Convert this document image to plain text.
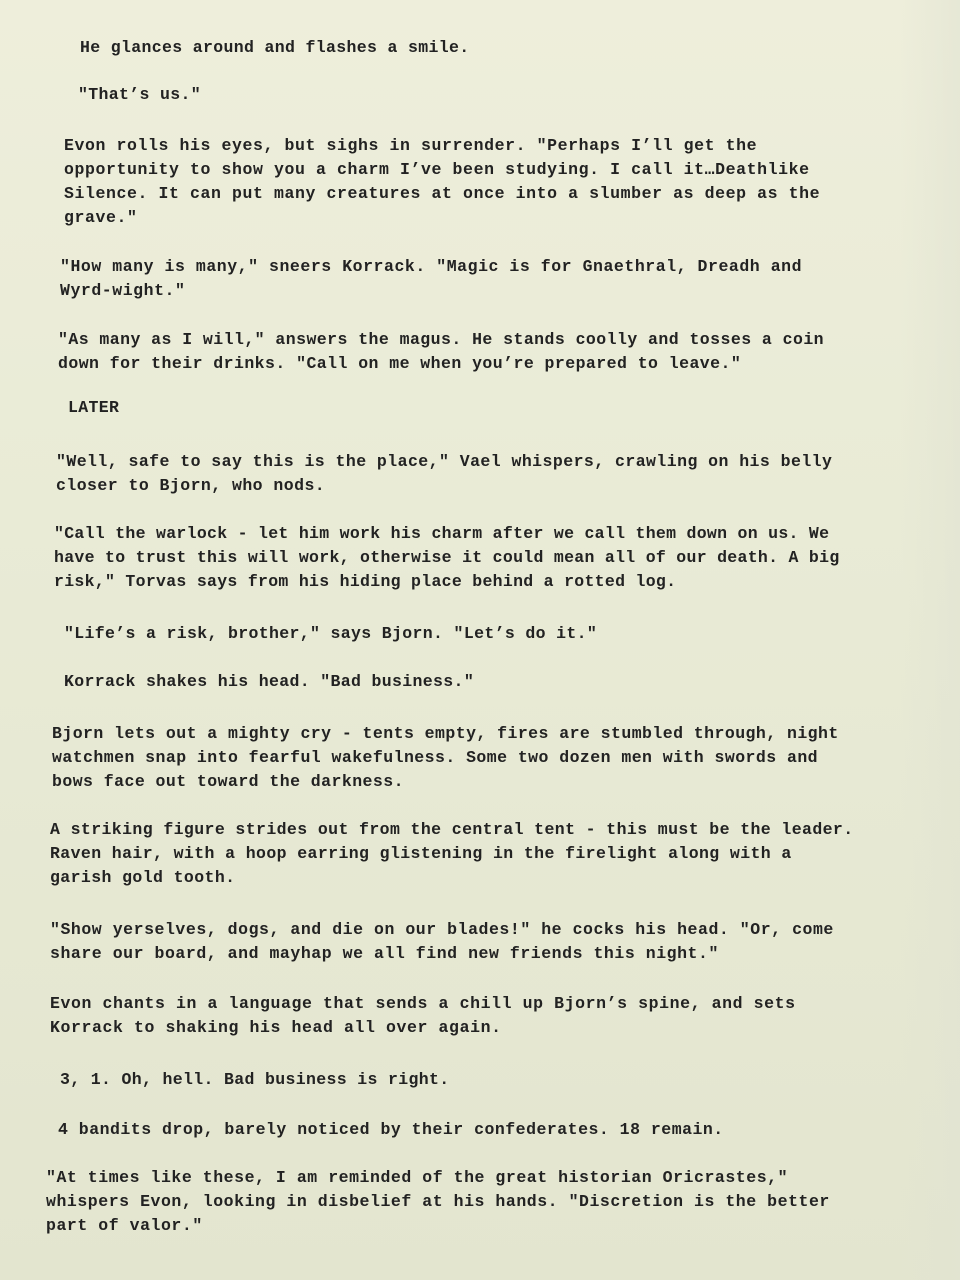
He glances around and flashes a smile.

"That’s us."

Evon rolls his eyes, but sighs in surrender. "Perhaps I’ll get the
opportunity to show you a charm I’ve been studying. I call it…Deathlike
Silence. It can put many creatures at once into a slumber as deep as the
grave."

"How many is many," sneers Korrack. "Magic is for Gnaethral, Dreadh and
Wyrd-wight."

"As many as I will," answers the magus. He stands coolly and tosses a coin
down for their drinks. "Call on me when you’re prepared to leave."

LATER

"Well, safe to say this is the place," Vael whispers, crawling on his belly
closer to Bjorn, who nods.

"Call the warlock - let him work his charm after we call them down on us. We
have to trust this will work, otherwise it could mean all of our death. A big
risk," Torvas says from his hiding place behind a rotted log.

"Life’s a risk, brother," says Bjorn. "Let’s do it."

Korrack shakes his head. "Bad business."

Bjorn lets out a mighty cry - tents empty, fires are stumbled through, night
watchmen snap into fearful wakefulness. Some two dozen men with swords and
bows face out toward the darkness.

A striking figure strides out from the central tent - this must be the leader.
Raven hair, with a hoop earring glistening in the firelight along with a
garish gold tooth.

"Show yerselves, dogs, and die on our blades!" he cocks his head. "Or, come
share our board, and mayhap we all find new friends this night."

Evon chants in a language that sends a chill up Bjorn’s spine, and sets
Korrack to shaking his head all over again.

3, 1. Oh, hell. Bad business is right.

4 bandits drop, barely noticed by their confederates. 18 remain.

"At times like these, I am reminded of the great historian Oricrastes,"
whispers Evon, looking in disbelief at his hands. "Discretion is the better
part of valor."
